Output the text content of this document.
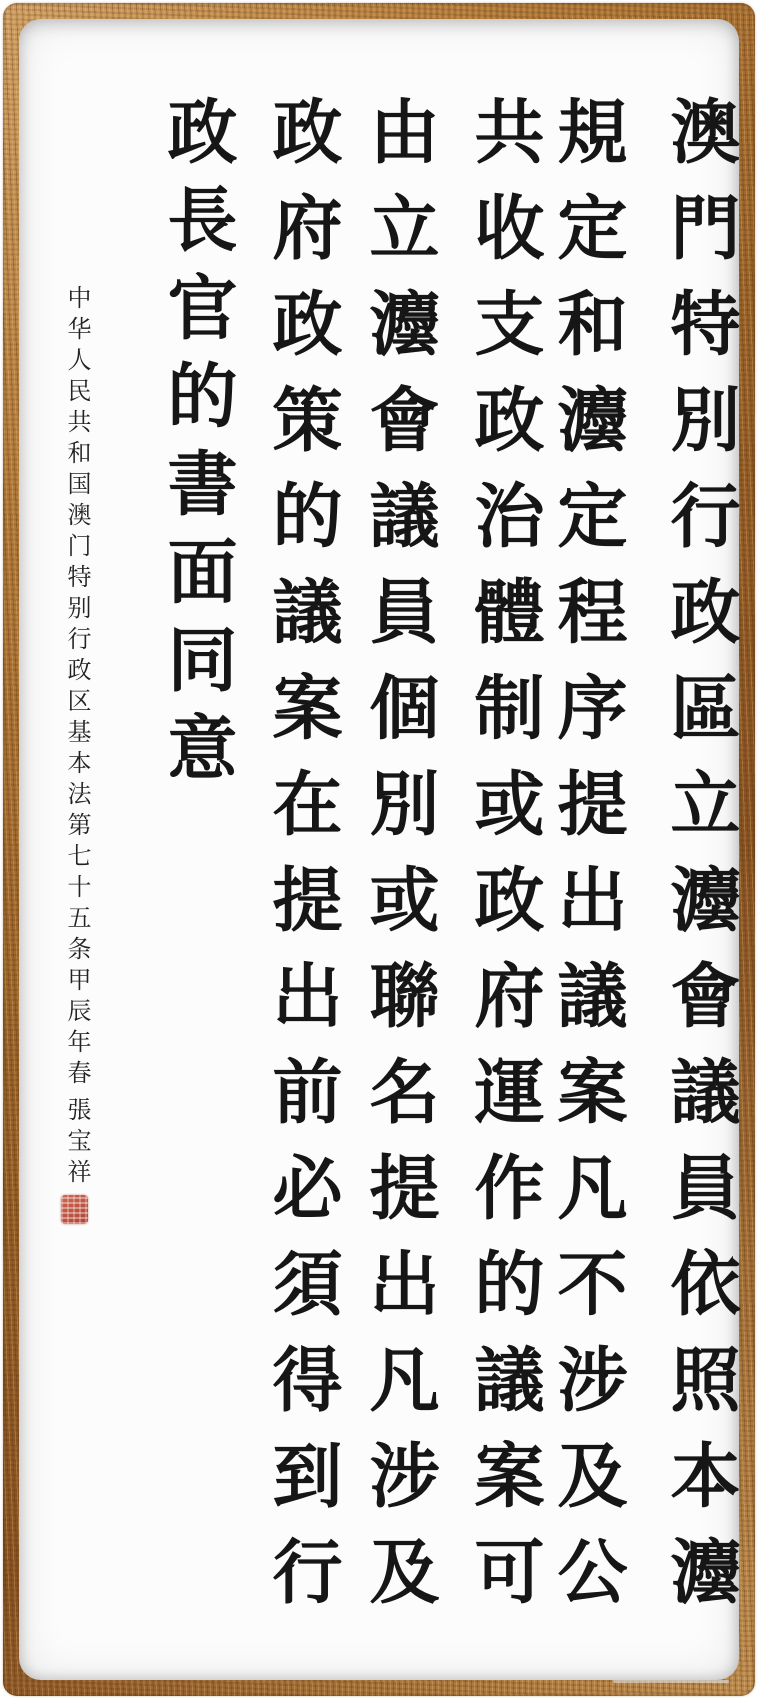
澳門特別行政區立灋會議員依照本灋
規定和灋定程序提出議案凡不涉及公
共收支政治體制或政府運作的議案可
由立灋會議員個別或聯名提出凡涉及
政府政策的議案在提出前必須得到行
政長官的書面同意
中华人民共和国澳门特别行政区基本法第七十五条甲辰年春
張宝祥
